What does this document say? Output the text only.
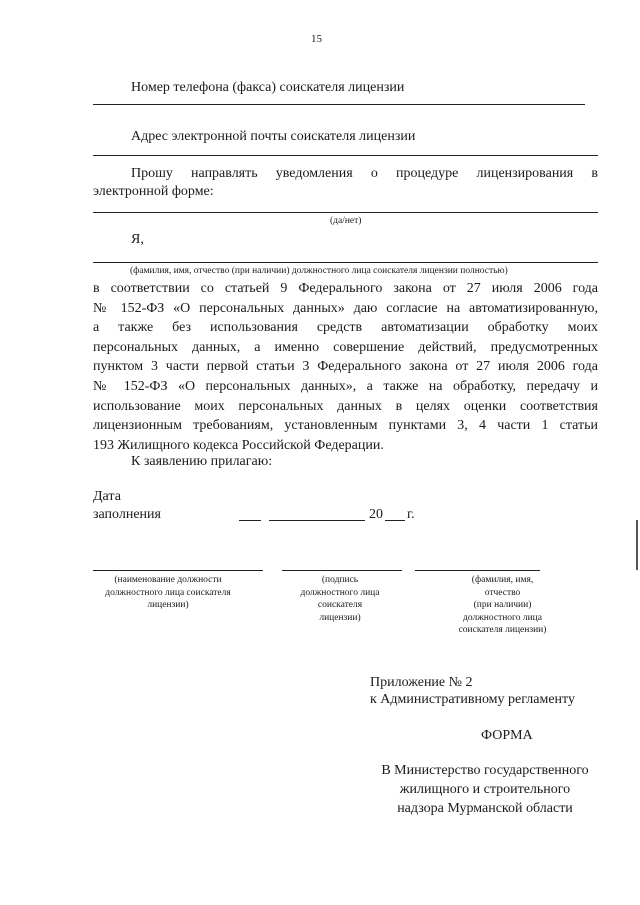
15
Номер телефона (факса) соискателя лицензии
Адрес электронной почты соискателя лицензии
Прошу направлять уведомления о процедуре лицензирования в
электронной форме:
(да/нет)
Я,
(фамилия, имя, отчество (при наличии) должностного лица соискателя лицензии полностью)

в соответствии со статьей 9 Федерального закона от 27 июля 2006 года

№ 152-ФЗ «О персональных данных» даю согласие на автоматизированную,

а также без использования средств автоматизации обработку моих

персональных данных, а именно совершение действий, предусмотренных

пунктом 3 части первой статьи 3 Федерального закона от 27 июля 2006 года

№ 152-ФЗ «О персональных данных», а также на обработку, передачу и

использование моих персональных данных в целях оценки соответствия

лицензионным требованиям, установленным пунктами 3, 4 части 1 статьи

193 Жилищного кодекса Российской Федерации.

К заявлению прилагаю:
Дата
заполнения	20 г.
(наименование должности
должностного лица соискателя
лицензии)
(подпись
должностного лица
соискателя
лицензии)
(фамилия, имя,
отчество
(при наличии)
должностного лица
соискателя лицензии)
Приложение № 2
к Административному регламенту
ФОРМА
В Министерство государственного
жилищного и строительного
надзора Мурманской области
